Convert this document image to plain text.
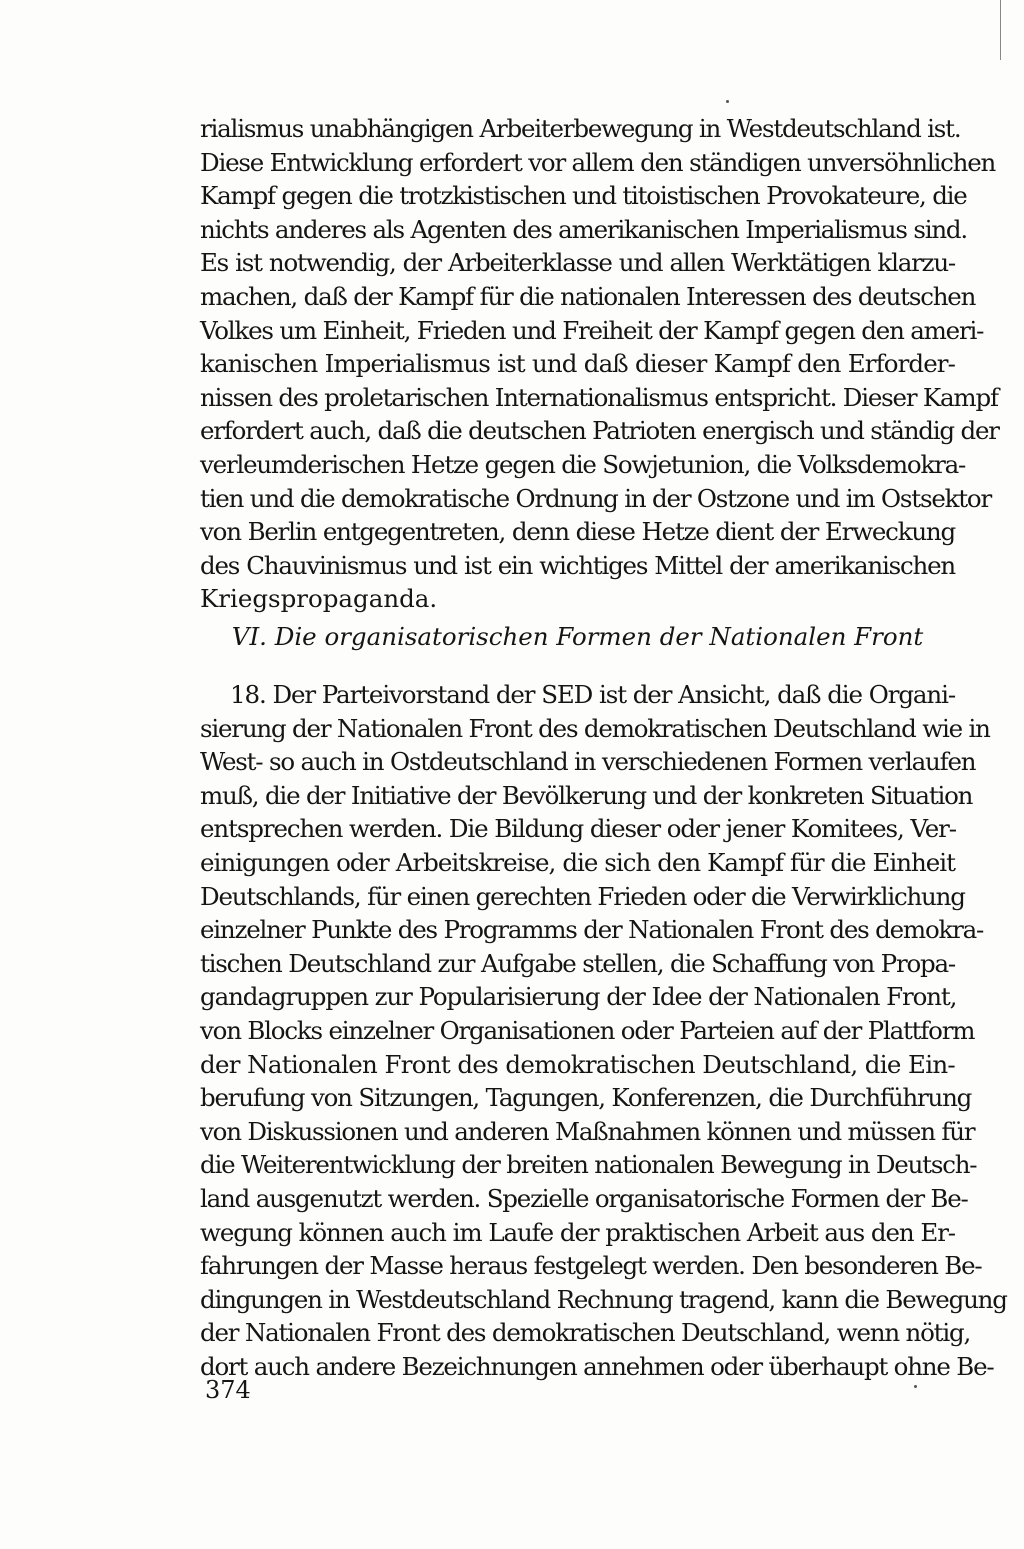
rialismus unabhängigen Arbeiterbewegung in Westdeutschland ist.
Diese Entwicklung erfordert vor allem den ständigen unversöhnlichen
Kampf gegen die trotzkistischen und titoistischen Provokateure, die
nichts anderes als Agenten des amerikanischen Imperialismus sind.
Es ist notwendig, der Arbeiterklasse und allen Werktätigen klarzu-
machen, daß der Kampf für die nationalen Interessen des deutschen
Volkes um Einheit, Frieden und Freiheit der Kampf gegen den ameri-
kanischen Imperialismus ist und daß dieser Kampf den Erforder-
nissen des proletarischen Internationalismus entspricht. Dieser Kampf
erfordert auch, daß die deutschen Patrioten energisch und ständig der
verleumderischen Hetze gegen die Sowjetunion, die Volksdemokra-
tien und die demokratische Ordnung in der Ostzone und im Ostsektor
von Berlin entgegentreten, denn diese Hetze dient der Erweckung
des Chauvinismus und ist ein wichtiges Mittel der amerikanischen
Kriegspropaganda.
VI. Die organisatorischen Formen der Nationalen Front
18. Der Parteivorstand der SED ist der Ansicht, daß die Organi-
sierung der Nationalen Front des demokratischen Deutschland wie in
West- so auch in Ostdeutschland in verschiedenen Formen verlaufen
muß, die der Initiative der Bevölkerung und der konkreten Situation
entsprechen werden. Die Bildung dieser oder jener Komitees, Ver-
einigungen oder Arbeitskreise, die sich den Kampf für die Einheit
Deutschlands, für einen gerechten Frieden oder die Verwirklichung
einzelner Punkte des Programms der Nationalen Front des demokra-
tischen Deutschland zur Aufgabe stellen, die Schaffung von Propa-
gandagruppen zur Popularisierung der Idee der Nationalen Front,
von Blocks einzelner Organisationen oder Parteien auf der Plattform
der Nationalen Front des demokratischen Deutschland, die Ein-
berufung von Sitzungen, Tagungen, Konferenzen, die Durchführung
von Diskussionen und anderen Maßnahmen können und müssen für
die Weiterentwicklung der breiten nationalen Bewegung in Deutsch-
land ausgenutzt werden. Spezielle organisatorische Formen der Be-
wegung können auch im Laufe der praktischen Arbeit aus den Er-
fahrungen der Masse heraus festgelegt werden. Den besonderen Be-
dingungen in Westdeutschland Rechnung tragend, kann die Bewegung
der Nationalen Front des demokratischen Deutschland, wenn nötig,
dort auch andere Bezeichnungen annehmen oder überhaupt ohne Be-
374
